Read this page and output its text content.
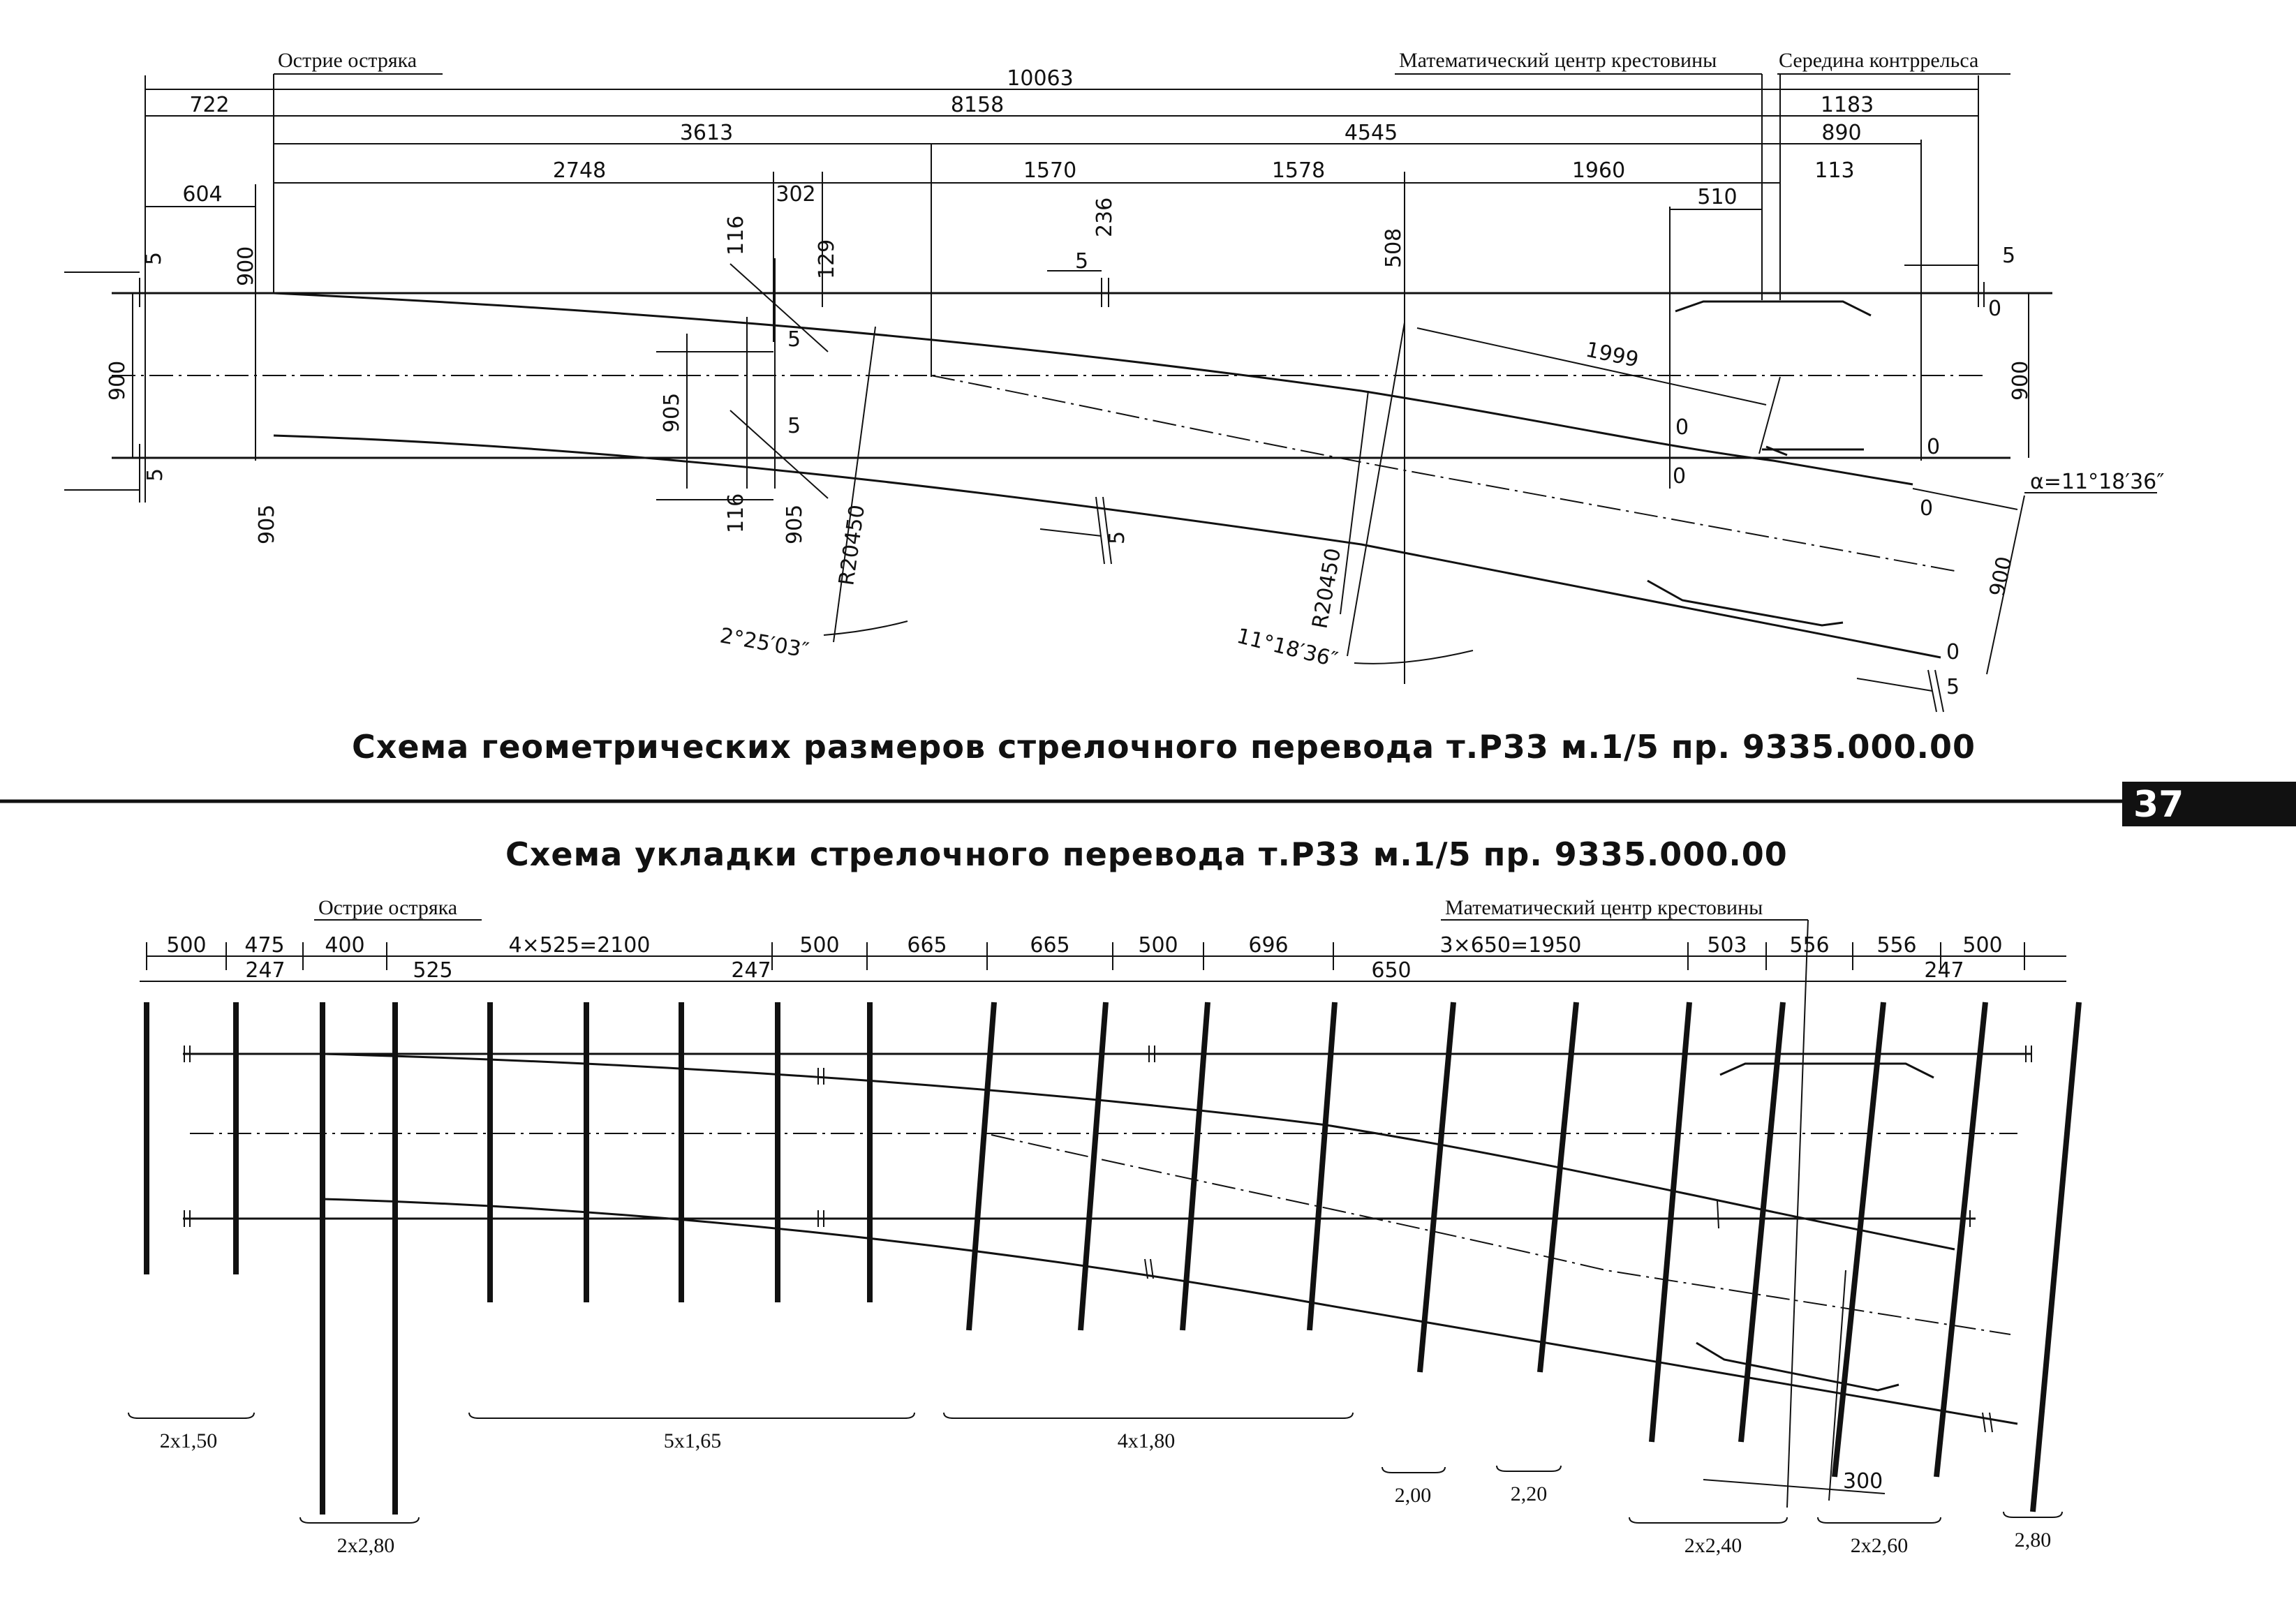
Острие остряка	Математический центр крестовины	Середина контррельса
10063
722	8158	1183
3613	4545	890
2748
302
1570	1578	1960	113
604	510
5
5
5
5
5
5
5
5
900
900
905
116
129
236
508
905
116 905
900
900
R20450
2°25′03″
R20450
11°18′36″
1999
0
0
0
0
0
0
α=11°18′36″
Схема геометрических размеров стрелочного перевода т.Р33 м.1/5 пр. 9335.000.00
37
Схема укладки стрелочного перевода т.Р33 м.1/5 пр. 9335.000.00
Острие остряка	Математический центр крестовины
500 475 400	4×525=2100	500	665	665	500	696	3×650=1950	503 556 556 500
247	525	247	650	247
300
2x1,50
2x2,80
5x1,65	4x1,80
2,00	2,20
2x2,40	2x2,60	2,80
